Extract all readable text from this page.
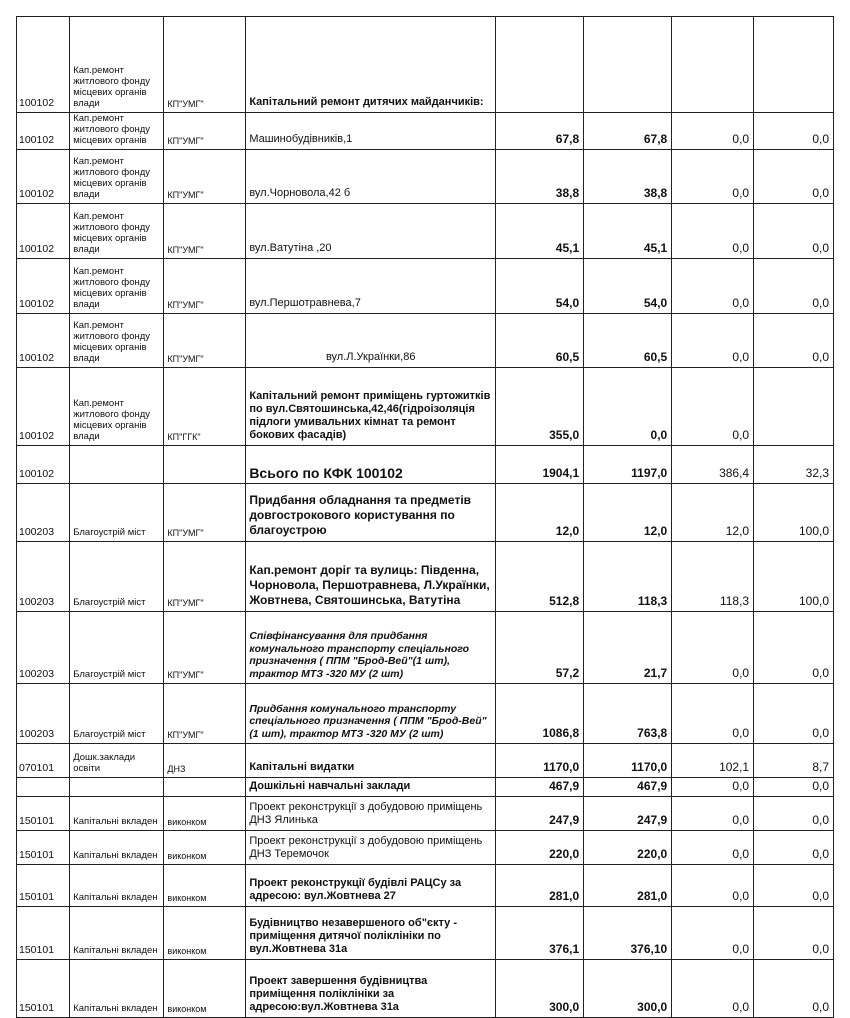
100102	Кап.ремонт житлового фонду місцевих органів влади	КП"УМГ"	Капітальний ремонт дитячих майданчиків:				
100102	Кап.ремонт житлового фонду місцевих органів	КП"УМГ"	Машинобудівників,1	67,8	67,8	0,0	0,0
100102	Кап.ремонт житлового фонду місцевих органів влади	КП"УМГ"	вул.Чорновола,42 б	38,8	38,8	0,0	0,0
100102	Кап.ремонт житлового фонду місцевих органів влади	КП"УМГ"	вул.Ватутіна ,20	45,1	45,1	0,0	0,0
100102	Кап.ремонт житлового фонду місцевих органів влади	КП"УМГ"	вул.Першотравнева,7	54,0	54,0	0,0	0,0
100102	Кап.ремонт житлового фонду місцевих органів влади	КП"УМГ"	вул.Л.Українки,86	60,5	60,5	0,0	0,0
100102	Кап.ремонт житлового фонду місцевих органів влади	КП"ГГК"	Капітальний ремонт приміщень гуртожитків по вул.Святошинська,42,46(гідроізоляція підлоги умивальних кімнат та ремонт бокових фасадів)	355,0	0,0	0,0	
100102			Всього по КФК 100102	1904,1	1197,0	386,4	32,3
100203	Благоустрій міст	КП"УМГ"	Придбання обладнання та предметів довгострокового користування по благоустрою	12,0	12,0	12,0	100,0
100203	Благоустрій міст	КП"УМГ"	Кап.ремонт доріг та вулиць: Південна, Чорновола, Першотравнева, Л.Українки, Жовтнева, Святошинська, Ватутіна	512,8	118,3	118,3	100,0
100203	Благоустрій міст	КП"УМГ"	Співфінансування для придбання комунального транспорту спеціального призначення ( ППМ "Брод-Вей"(1 шт), трактор МТЗ -320 МУ (2 шт)	57,2	21,7	0,0	0,0
100203	Благоустрій міст	КП"УМГ"	Придбання комунального транспорту спеціального призначення ( ППМ "Брод-Вей"(1 шт), трактор МТЗ -320 МУ (2 шт)	1086,8	763,8	0,0	0,0
070101	Дошк.заклади освіти	ДНЗ	Капітальні видатки	1170,0	1170,0	102,1	8,7
			Дошкільні навчальні заклади	467,9	467,9	0,0	0,0
150101	Капітальні вкладен	виконком	Проект реконструкції з добудовою приміщень ДНЗ Ялинька	247,9	247,9	0,0	0,0
150101	Капітальні вкладен	виконком	Проект реконструкції з добудовою приміщень ДНЗ Теремочок	220,0	220,0	0,0	0,0
150101	Капітальні вкладен	виконком	Проект реконструкції будівлі РАЦСу за адресою: вул.Жовтнева 27	281,0	281,0	0,0	0,0
150101	Капітальні вкладен	виконком	Будівництво незавершеного об"єкту - приміщення дитячої поліклініки по вул.Жовтнева 31а	376,1	376,10	0,0	0,0
150101	Капітальні вкладен	виконком	Проект завершення будівництва приміщення поліклініки за адресою:вул.Жовтнева 31а	300,0	300,0	0,0	0,0
